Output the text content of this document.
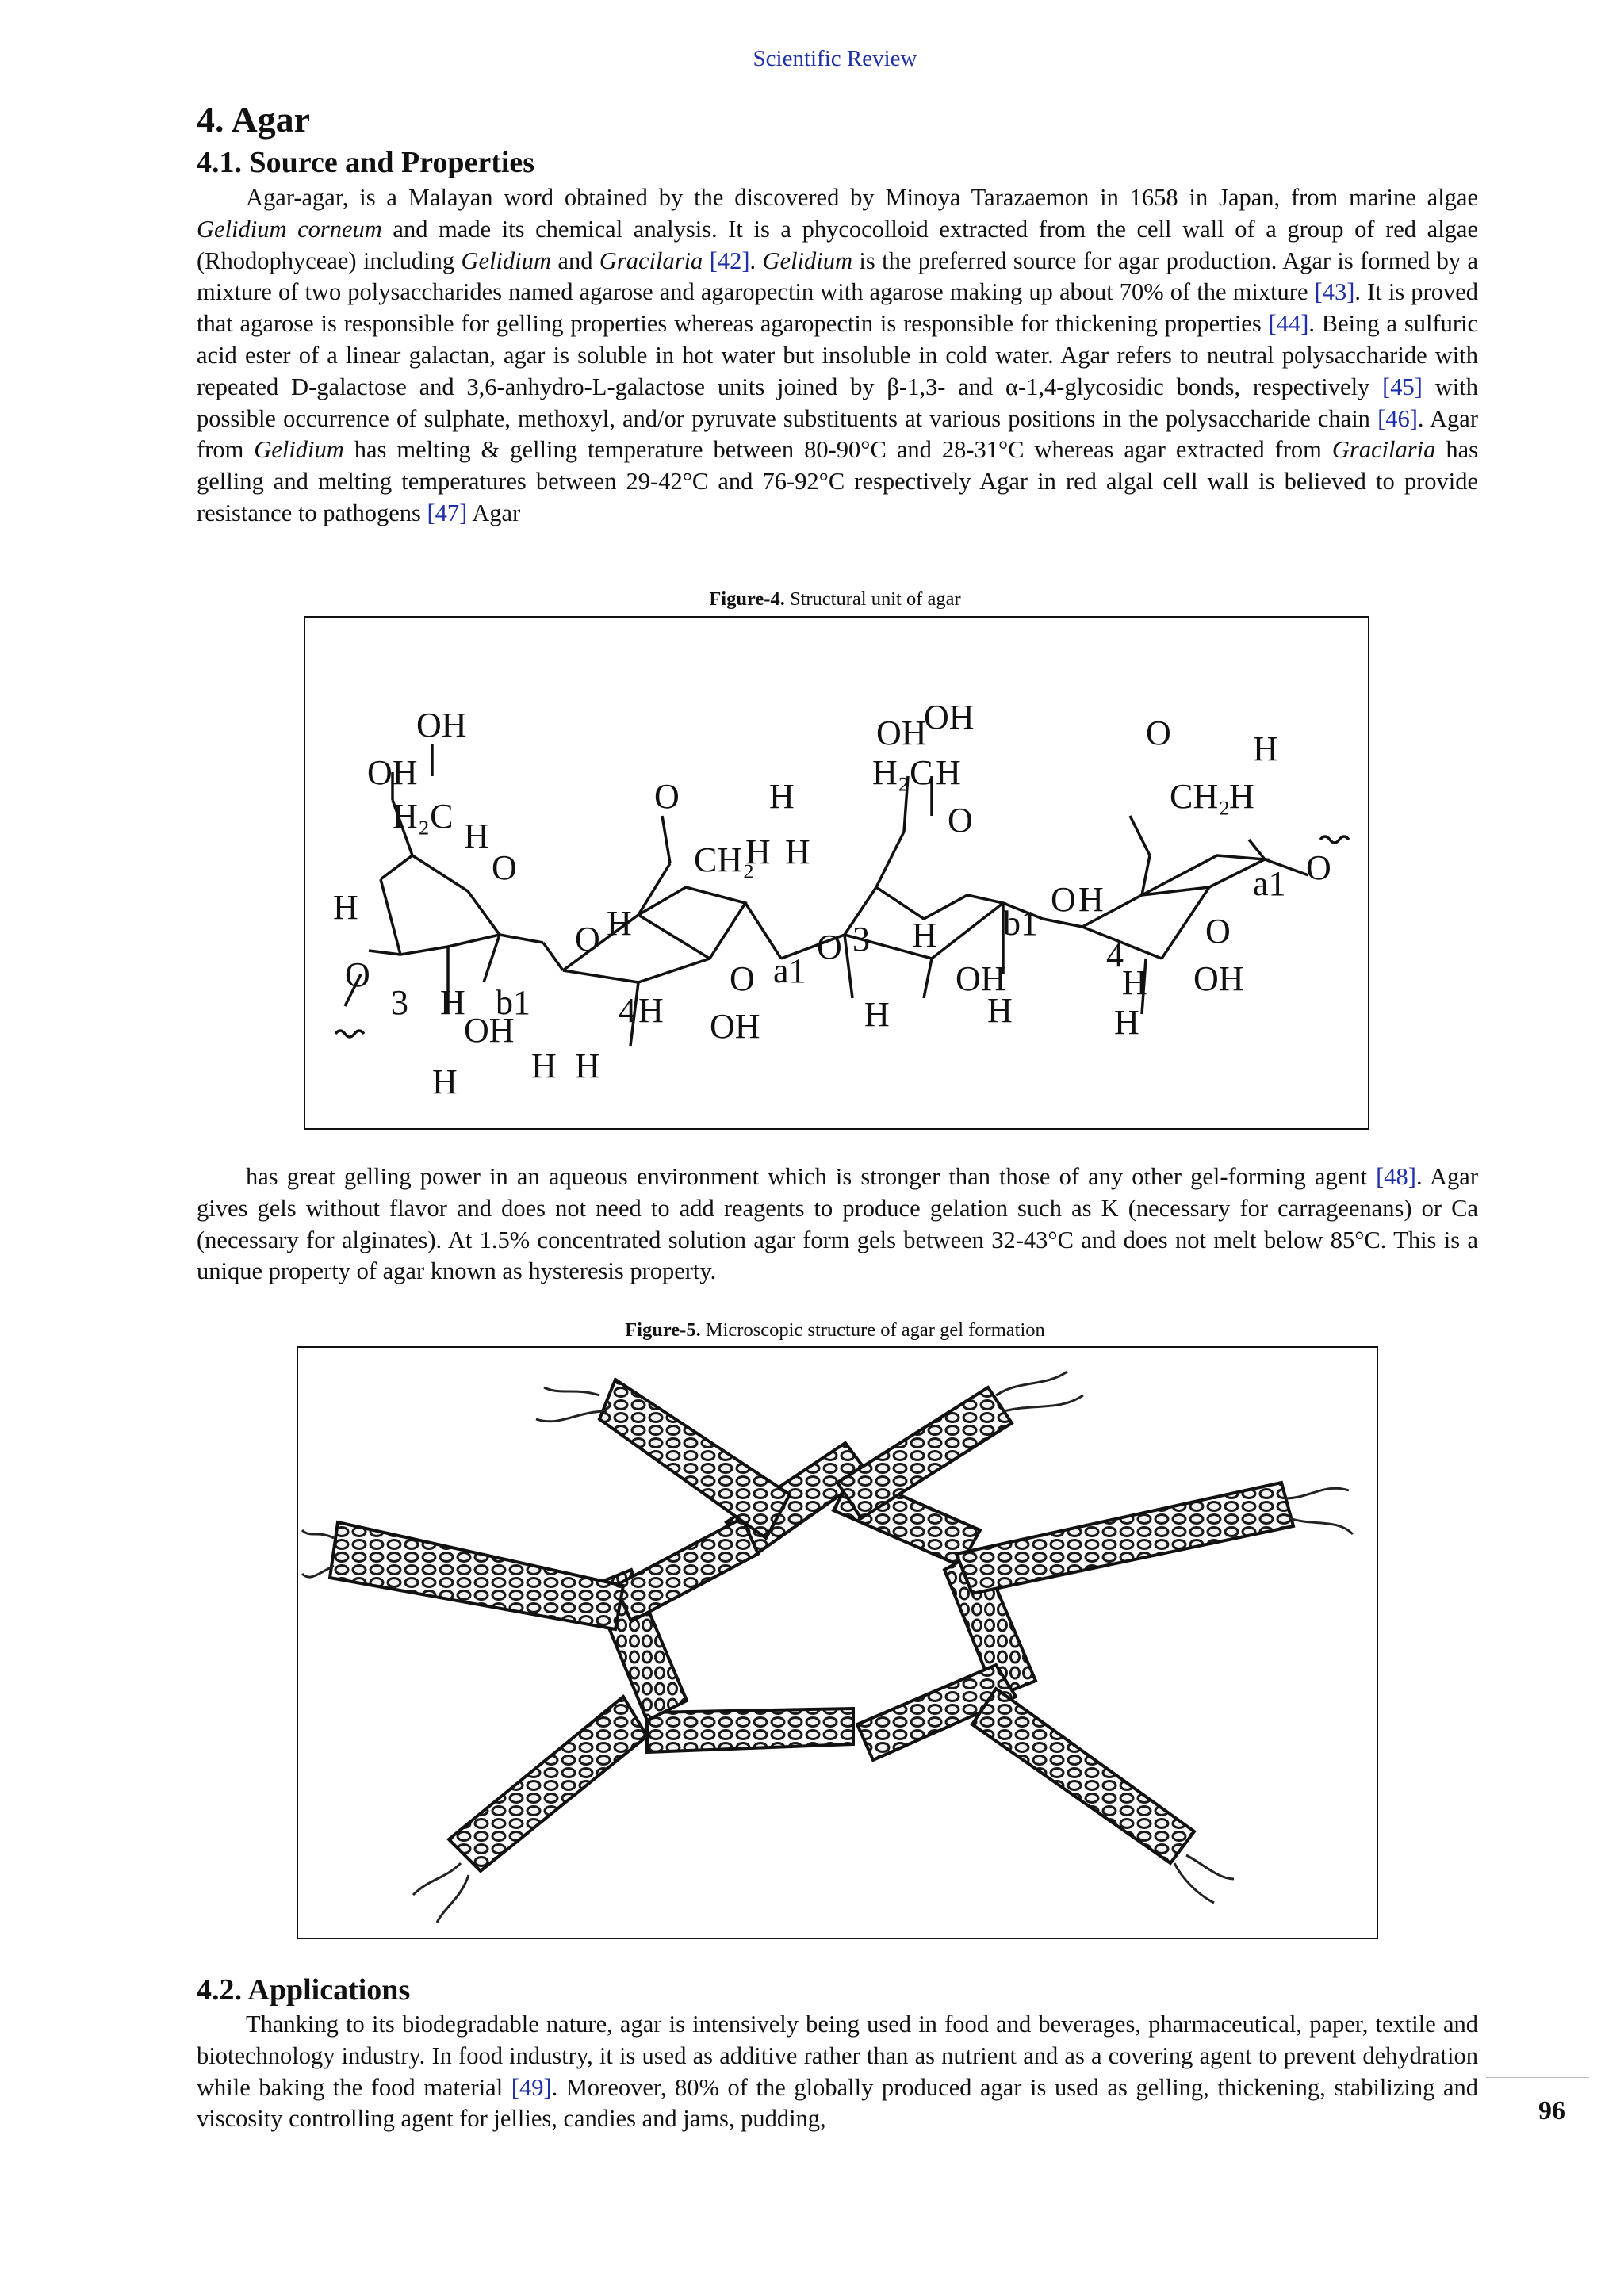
Scientific Review
4. Agar
4.1. Source and Properties

Agar-agar, is a Malayan word obtained by the discovered by Minoya Tarazaemon in 1658 in Japan, from marine algae Gelidium corneum and made its chemical analysis. It is a phycocolloid extracted from the cell wall of a group of red algae (Rhodophyceae) including Gelidium and Gracilaria [42]. Gelidium is the preferred source for agar production. Agar is formed by a mixture of two polysaccharides named agarose and agaropectin with agarose making up about 70% of the mixture [43]. It is proved that agarose is responsible for gelling properties whereas agaropectin is responsible for thickening properties [44]. Being a sulfuric acid ester of a linear galactan, agar is soluble in hot water but insoluble in cold water. Agar refers to neutral polysaccharide with repeated D-galactose and 3,6-anhydro-L-galactose units joined by β-1,3- and α-1,4-glycosidic bonds, respectively [45] with possible occurrence of sulphate, methoxyl, and/or pyruvate substituents at various positions in the polysaccharide chain [46]. Agar from Gelidium has melting & gelling temperature between 80-90°C and 28-31°C whereas agar extracted from Gracilaria has gelling and melting temperatures between 29-42°C and 76-92°C respectively Agar in red algal cell wall is believed to provide resistance to pathogens [47] Agar

Figure-4. Structural unit of agar
OH
OH
H₂C
H
O
H
O
3 H b1
OH
H H H
O H
4 H
O
CH₂
H
H
H
O
OH
a1
O 3
H
H
OH
OH
H₂C H
O
OH
H
b1
O H
4
H
H
O
CH₂
H
H
O
OH
a1 O

has great gelling power in an aqueous environment which is stronger than those of any other gel-forming agent [48]. Agar gives gels without flavor and does not need to add reagents to produce gelation such as K (necessary for carrageenans) or Ca (necessary for alginates). At 1.5% concentrated solution agar form gels between 32-43°C and does not melt below 85°C. This is a unique property of agar known as hysteresis property.

Figure-5. Microscopic structure of agar gel formation
4.2. Applications

Thanking to its biodegradable nature, agar is intensively being used in food and beverages, pharmaceutical, paper, textile and biotechnology industry. In food industry, it is used as additive rather than as nutrient and as a covering agent to prevent dehydration while baking the food material [49]. Moreover, 80% of the globally produced agar is used as gelling, thickening, stabilizing and viscosity controlling agent for jellies, candies and jams, pudding,	96
